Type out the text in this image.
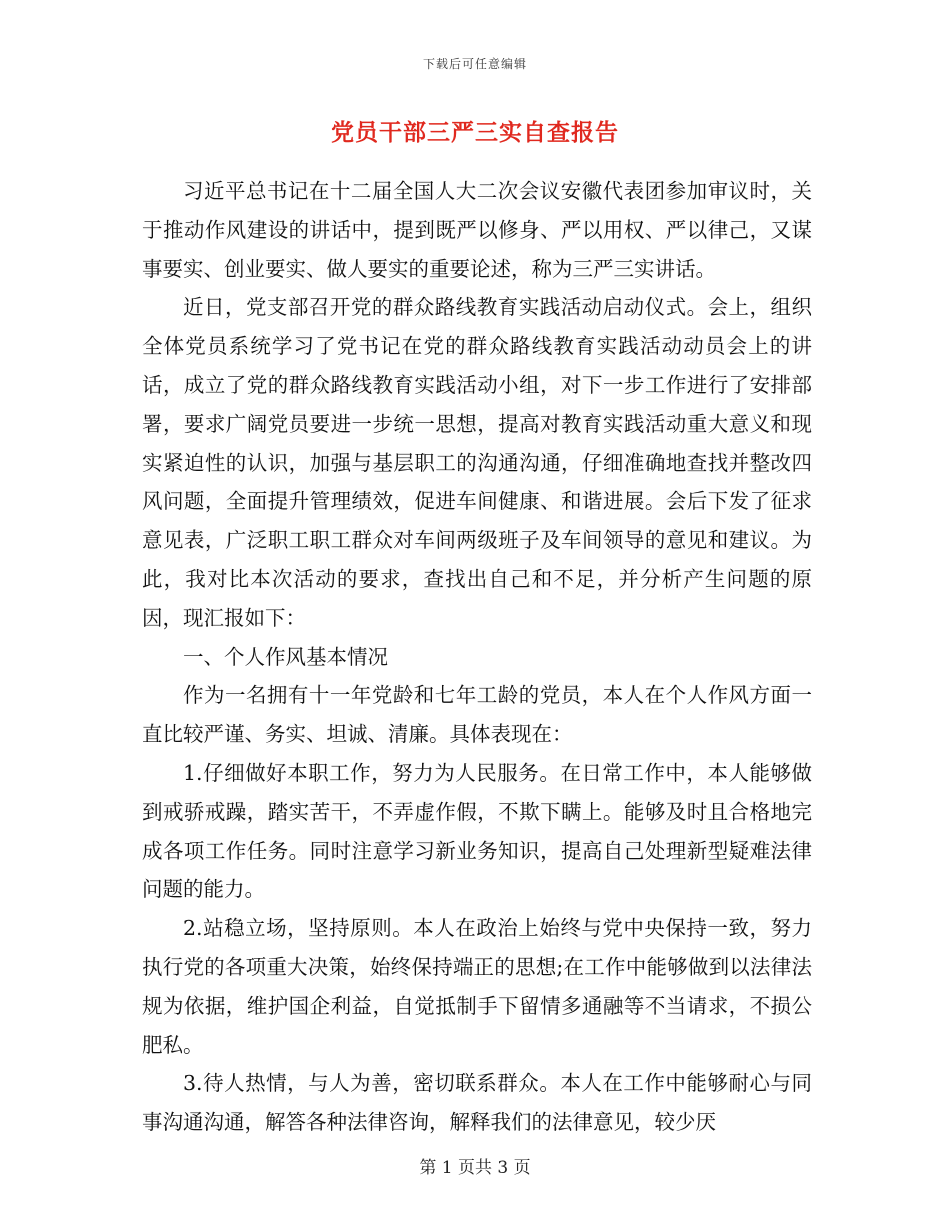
下载后可任意编辑
党员干部三严三实自查报告

习近平总书记在十二届全国人大二次会议安徽代表团参加审议时，关于推动作风建设的讲话中，提到既严以修身、严以用权、严以律己，又谋事要实、创业要实、做人要实的重要论述，称为三严三实讲话。

近日，党支部召开党的群众路线教育实践活动启动仪式。会上，组织全体党员系统学习了党书记在党的群众路线教育实践活动动员会上的讲话，成立了党的群众路线教育实践活动小组，对下一步工作进行了安排部署，要求广阔党员要进一步统一思想，提高对教育实践活动重大意义和现实紧迫性的认识，加强与基层职工的沟通沟通，仔细准确地查找并整改四风问题，全面提升管理绩效，促进车间健康、和谐进展。会后下发了征求意见表，广泛职工职工群众对车间两级班子及车间领导的意见和建议。为此，我对比本次活动的要求，查找出自己和不足，并分析产生问题的原因，现汇报如下：

一、个人作风基本情况

作为一名拥有十一年党龄和七年工龄的党员，本人在个人作风方面一直比较严谨、务实、坦诚、清廉。具体表现在：

1.仔细做好本职工作，努力为人民服务。在日常工作中，本人能够做到戒骄戒躁，踏实苦干，不弄虚作假，不欺下瞒上。能够及时且合格地完成各项工作任务。同时注意学习新业务知识，提高自己处理新型疑难法律问题的能力。

2.站稳立场，坚持原则。本人在政治上始终与党中央保持一致，努力执行党的各项重大决策，始终保持端正的思想;在工作中能够做到以法律法规为依据，维护国企利益，自觉抵制手下留情多通融等不当请求，不损公肥私。

3.待人热情，与人为善，密切联系群众。本人在工作中能够耐心与同事沟通沟通，解答各种法律咨询，解释我们的法律意见，较少厌

第 1 页共 3 页
